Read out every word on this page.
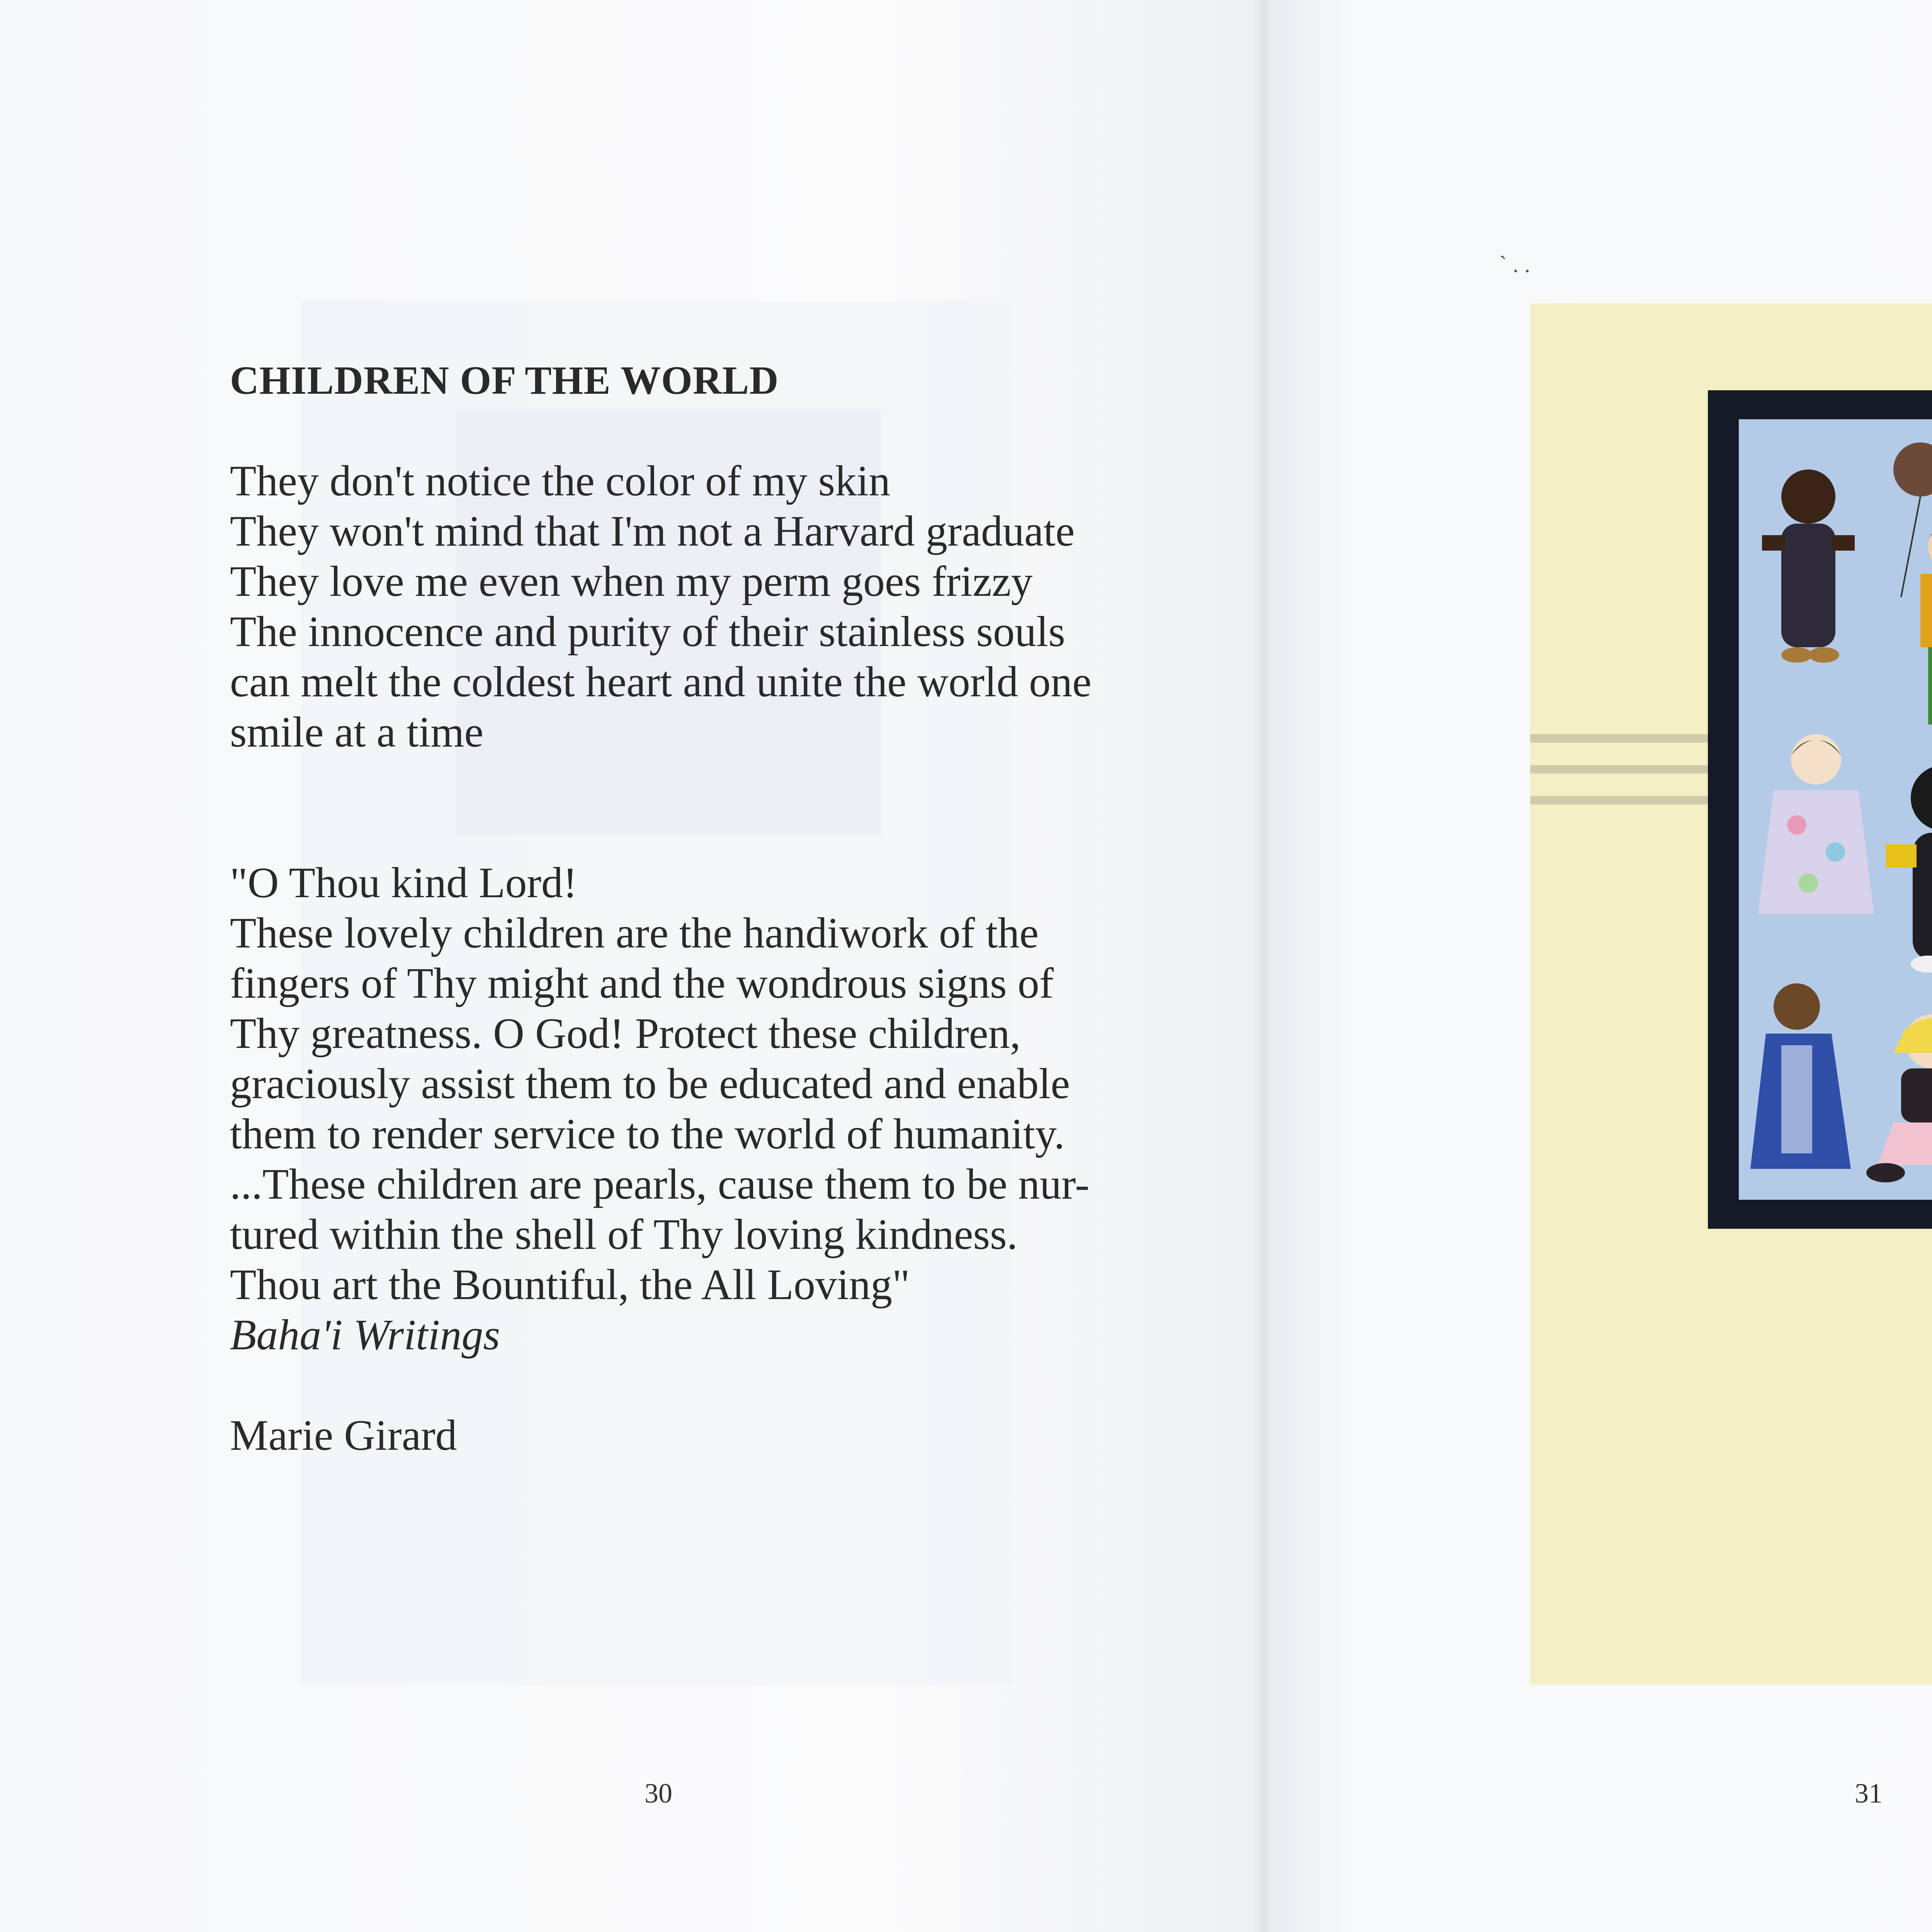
CHILDREN OF THE WORLD
They don't notice the color of my skin
They won't mind that I'm not a Harvard graduate
They love me even when my perm goes frizzy
The innocence and purity of their stainless souls
can melt the coldest heart and unite the world one
smile at a time
"O Thou kind Lord!
These lovely children are the handiwork of the
fingers of Thy might and the wondrous signs of
Thy greatness. O God! Protect these children,
graciously assist them to be educated and enable
them to render service to the world of humanity.
...These children are pearls, cause them to be nur-
tured within the shell of Thy loving kindness.
Thou art the Bountiful, the All Loving"
Baha'i Writings
Marie Girard
30
` . .
31
